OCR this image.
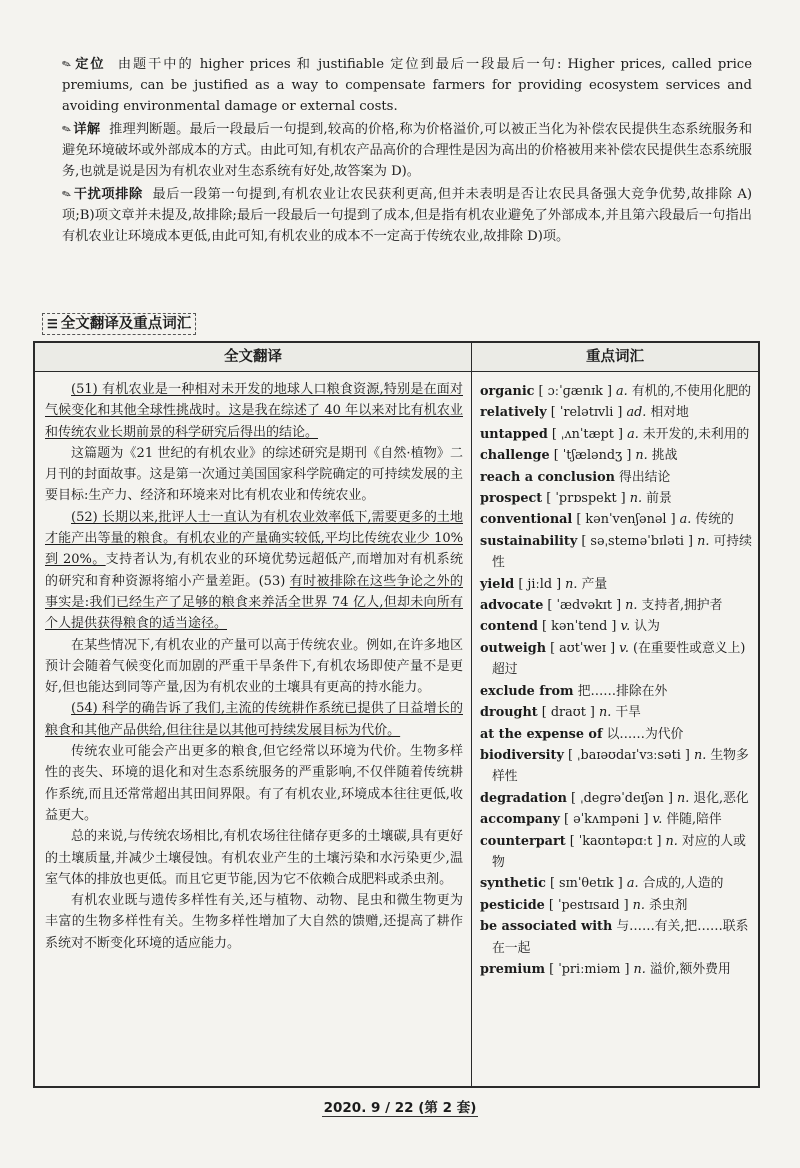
✎定位 由题干中的 higher prices 和 justifiable 定位到最后一段最后一句: Higher prices, called price premiums, can be justified as a way to compensate farmers for providing ecosystem services and avoiding environmental damage or external costs.

✎详解 推理判断题。最后一段最后一句提到,较高的价格,称为价格溢价,可以被正当化为补偿农民提供生态系统服务和避免环境破坏或外部成本的方式。由此可知,有机农产品高价的合理性是因为高出的价格被用来补偿农民提供生态系统服务,也就是说是因为有机农业对生态系统有好处,故答案为 D)。

✎干扰项排除 最后一段第一句提到,有机农业让农民获利更高,但并未表明是否让农民具备强大竞争优势,故排除 A)项;B)项文章并未提及,故排除;最后一段最后一句提到了成本,但是指有机农业避免了外部成本,并且第六段最后一句指出有机农业让环境成本更低,由此可知,有机农业的成本不一定高于传统农业,故排除 D)项。

☰ 全文翻译及重点词汇
全文翻译	重点词汇

(51) 有机农业是一种相对未开发的地球人口粮食资源,特别是在面对气候变化和其他全球性挑战时。这是我在综述了 40 年以来对比有机农业和传统农业长期前景的科学研究后得出的结论。

这篇题为《21 世纪的有机农业》的综述研究是期刊《自然·植物》二月刊的封面故事。这是第一次通过美国国家科学院确定的可持续发展的主要目标:生产力、经济和环境来对比有机农业和传统农业。

(52) 长期以来,批评人士一直认为有机农业效率低下,需要更多的土地才能产出等量的粮食。有机农业的产量确实较低,平均比传统农业少 10% 到 20%。支持者认为,有机农业的环境优势远超低产,而增加对有机系统的研究和育种资源将缩小产量差距。(53) 有时被排除在这些争论之外的事实是:我们已经生产了足够的粮食来养活全世界 74 亿人,但却未向所有个人提供获得粮食的适当途径。

在某些情况下,有机农业的产量可以高于传统农业。例如,在许多地区预计会随着气候变化而加剧的严重干旱条件下,有机农场即使产量不是更好,但也能达到同等产量,因为有机农业的土壤具有更高的持水能力。

(54) 科学的确告诉了我们,主流的传统耕作系统已提供了日益增长的粮食和其他产品供给,但往往是以其他可持续发展目标为代价。

传统农业可能会产出更多的粮食,但它经常以环境为代价。生物多样性的丧失、环境的退化和对生态系统服务的严重影响,不仅伴随着传统耕作系统,而且还常常超出其田间界限。有了有机农业,环境成本往往更低,收益更大。

总的来说,与传统农场相比,有机农场往往储存更多的土壤碳,具有更好的土壤质量,并减少土壤侵蚀。有机农业产生的土壤污染和水污染更少,温室气体的排放也更低。而且它更节能,因为它不依赖合成肥料或杀虫剂。

有机农业既与遗传多样性有关,还与植物、动物、昆虫和微生物更为丰富的生物多样性有关。生物多样性增加了大自然的馈赠,还提高了耕作系统对不断变化环境的适应能力。

organic [ ɔːˈɡænɪk ] a. 有机的,不使用化肥的

relatively [ ˈrelətɪvli ] ad. 相对地

untapped [ ˌʌnˈtæpt ] a. 未开发的,未利用的

challenge [ ˈtʃæləndʒ ] n. 挑战

reach a conclusion 得出结论

prospect [ ˈprɒspekt ] n. 前景

conventional [ kənˈvenʃənəl ] a. 传统的

sustainability [ səˌsteɪnəˈbɪləti ] n. 可持续性

yield [ jiːld ] n. 产量

advocate [ ˈædvəkɪt ] n. 支持者,拥护者

contend [ kənˈtend ] v. 认为

outweigh [ aʊtˈweɪ ] v. (在重要性或意义上)超过

exclude from 把……排除在外

drought [ draʊt ] n. 干旱

at the expense of 以……为代价

biodiversity [ ˌbaɪəʊdaɪˈvɜːsəti ] n. 生物多样性

degradation [ ˌdeɡrəˈdeɪʃən ] n. 退化,恶化

accompany [ əˈkʌmpəni ] v. 伴随,陪伴

counterpart [ ˈkaʊntəpɑːt ] n. 对应的人或物

synthetic [ sɪnˈθetɪk ] a. 合成的,人造的

pesticide [ ˈpestɪsaɪd ] n. 杀虫剂

be associated with 与……有关,把……联系在一起

premium [ ˈpriːmiəm ] n. 溢价,额外费用

2020. 9 / 22 (第 2 套)
